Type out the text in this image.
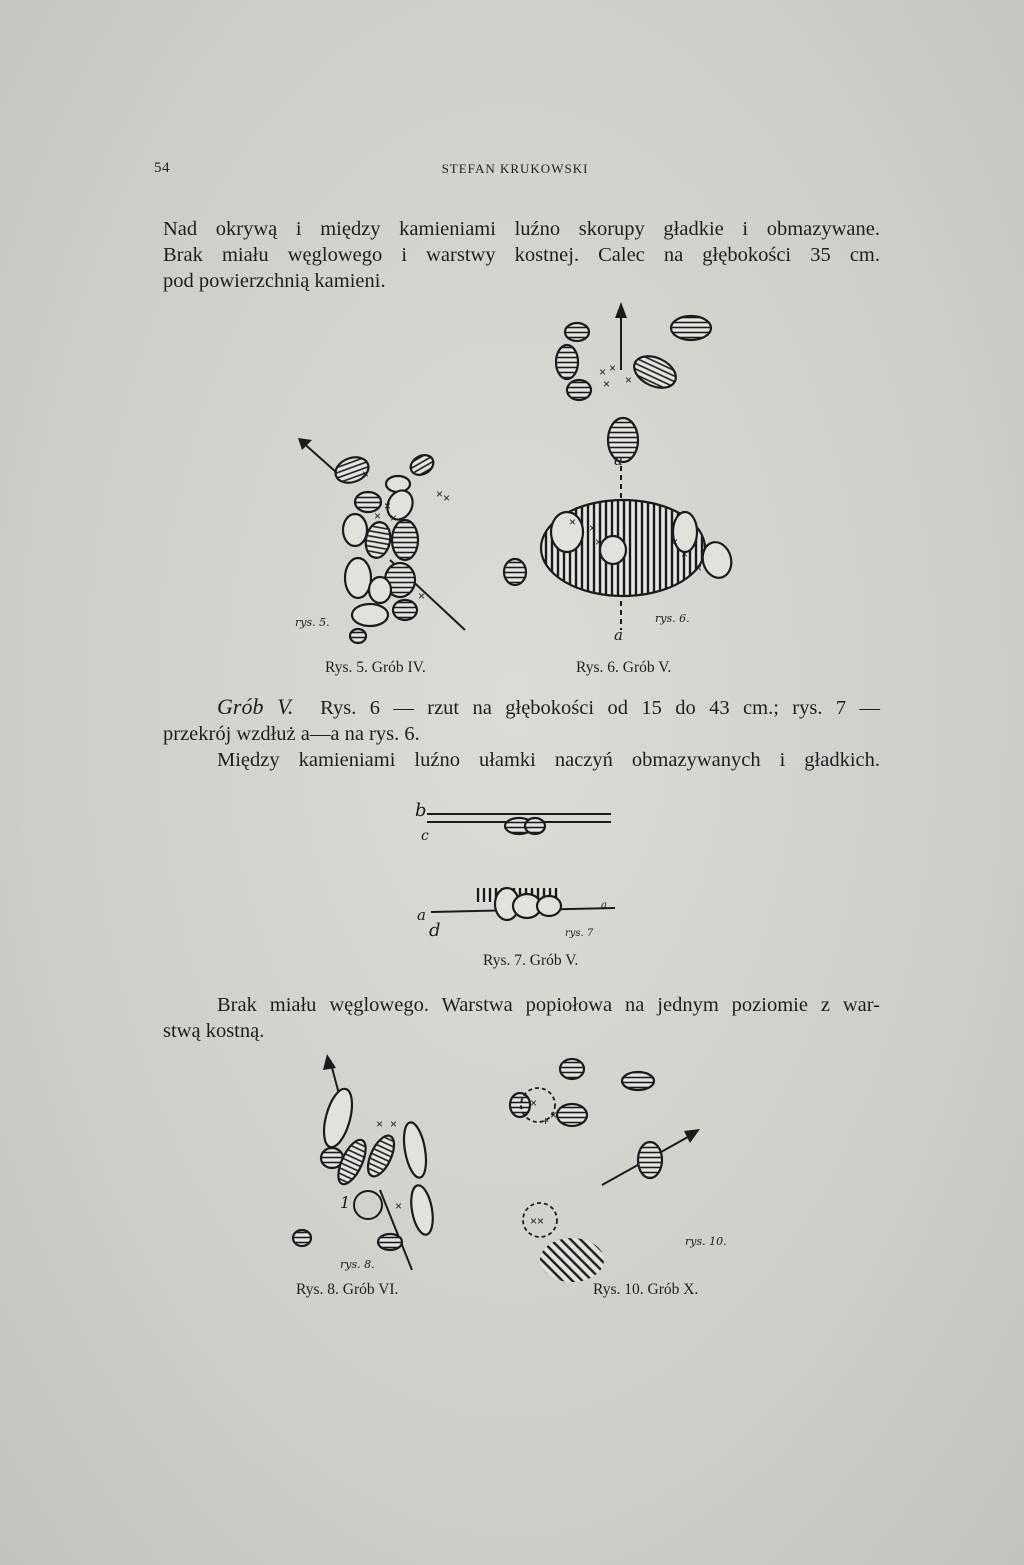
54	STEFAN KRUKOWSKI
Nad okrywą i między kamieniami luźno skorupy gładkie i obmazywane.
Brak miału węglowego i warstwy kostnej. Calec na głębokości 35 cm.
pod powierzchnią kamieni.
×
× ×
×
× ×
×
rys. 5.
Rys. 5. Grób IV.
× ×
× ×
× ×
×	×
×
×
a
a
rys. 6.
Rys. 6. Grób V.
Grób V. Rys. 6 — rzut na głębokości od 15 do 43 cm.; rys. 7 —
przekrój wzdłuż a—a na rys. 6.
Między kamieniami luźno ułamki naczyń obmazywanych i gładkich.
b
c
a
d
a
rys. 7
Rys. 7. Grób V.
Brak miału węglowego. Warstwa popiołowa na jednym poziomie z war-
stwą kostną.
× ×
×
1
rys. 8.
Rys. 8. Grób VI.
×
+ ×
××
rys. 10.
Rys. 10. Grób X.
